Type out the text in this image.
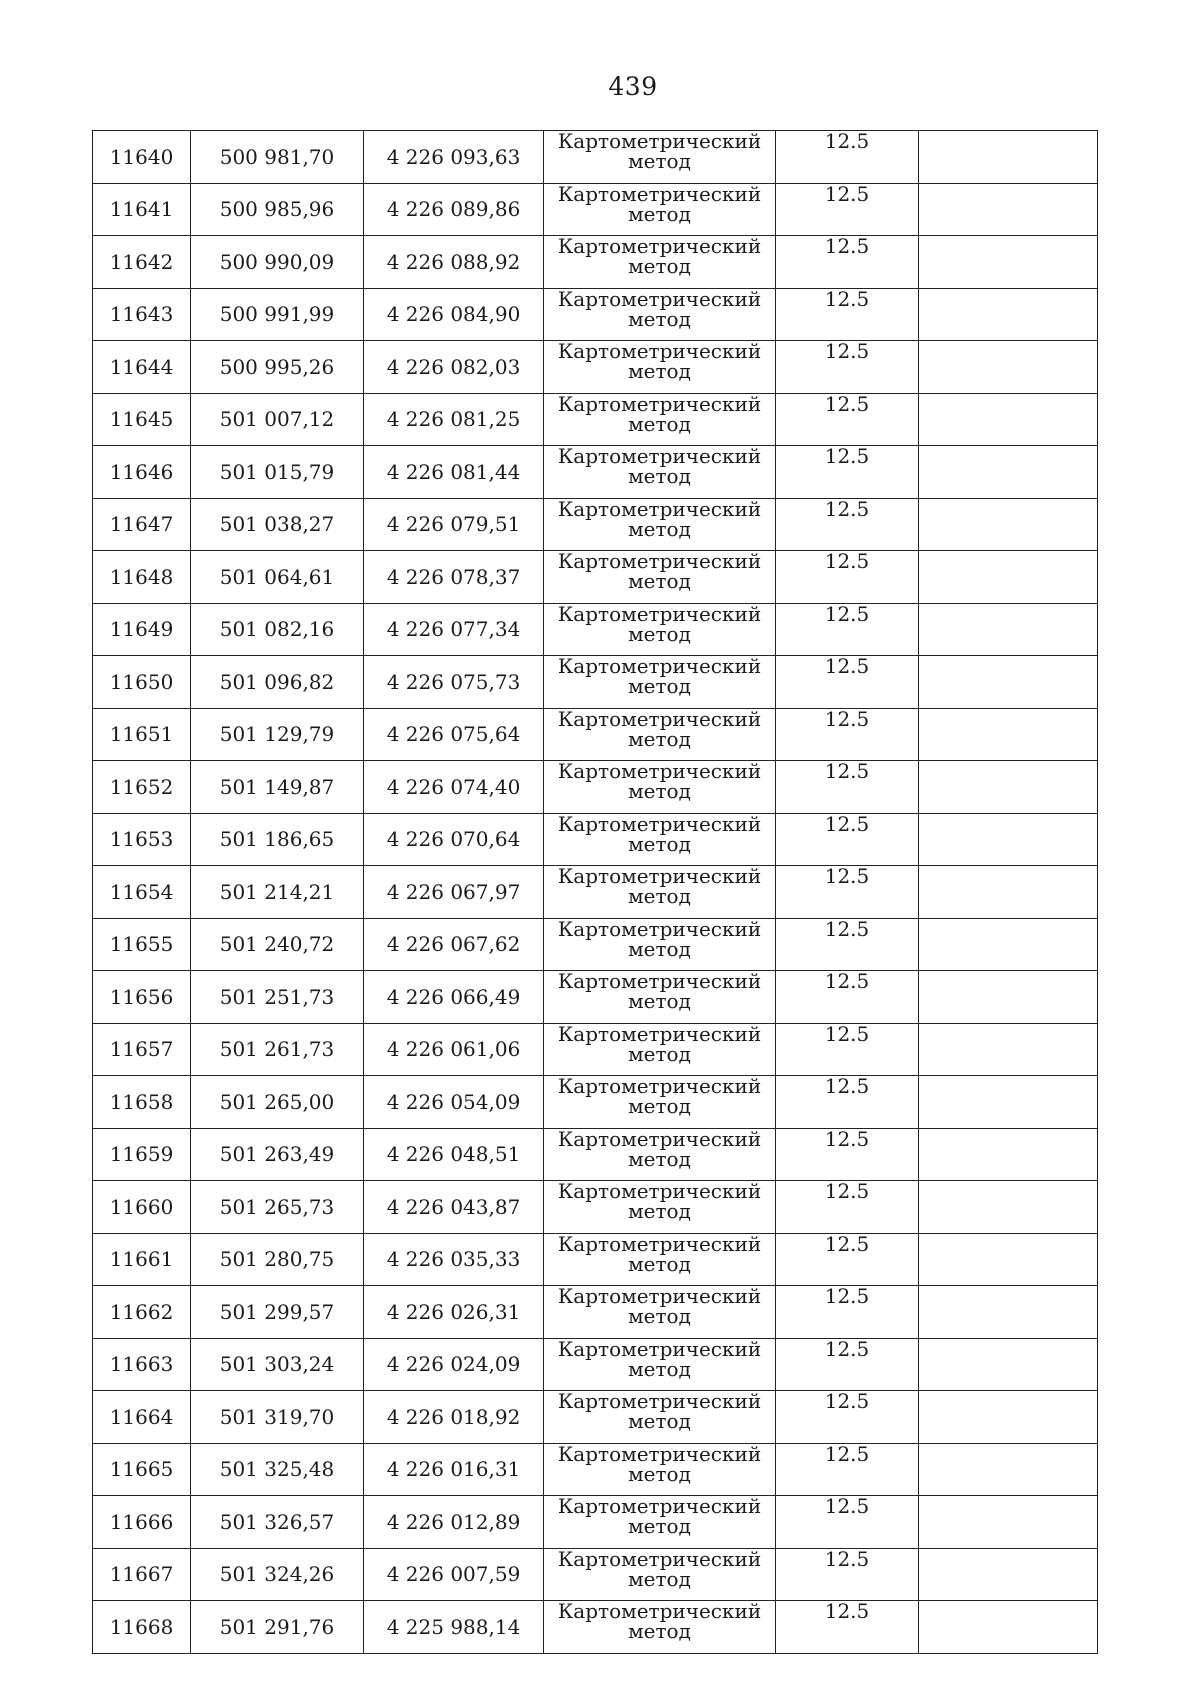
439
11640	500 981,70	4 226 093,63	Картометрический
метод	12.5	
11641	500 985,96	4 226 089,86	Картометрический
метод	12.5	
11642	500 990,09	4 226 088,92	Картометрический
метод	12.5	
11643	500 991,99	4 226 084,90	Картометрический
метод	12.5	
11644	500 995,26	4 226 082,03	Картометрический
метод	12.5	
11645	501 007,12	4 226 081,25	Картометрический
метод	12.5	
11646	501 015,79	4 226 081,44	Картометрический
метод	12.5	
11647	501 038,27	4 226 079,51	Картометрический
метод	12.5	
11648	501 064,61	4 226 078,37	Картометрический
метод	12.5	
11649	501 082,16	4 226 077,34	Картометрический
метод	12.5	
11650	501 096,82	4 226 075,73	Картометрический
метод	12.5	
11651	501 129,79	4 226 075,64	Картометрический
метод	12.5	
11652	501 149,87	4 226 074,40	Картометрический
метод	12.5	
11653	501 186,65	4 226 070,64	Картометрический
метод	12.5	
11654	501 214,21	4 226 067,97	Картометрический
метод	12.5	
11655	501 240,72	4 226 067,62	Картометрический
метод	12.5	
11656	501 251,73	4 226 066,49	Картометрический
метод	12.5	
11657	501 261,73	4 226 061,06	Картометрический
метод	12.5	
11658	501 265,00	4 226 054,09	Картометрический
метод	12.5	
11659	501 263,49	4 226 048,51	Картометрический
метод	12.5	
11660	501 265,73	4 226 043,87	Картометрический
метод	12.5	
11661	501 280,75	4 226 035,33	Картометрический
метод	12.5	
11662	501 299,57	4 226 026,31	Картометрический
метод	12.5	
11663	501 303,24	4 226 024,09	Картометрический
метод	12.5	
11664	501 319,70	4 226 018,92	Картометрический
метод	12.5	
11665	501 325,48	4 226 016,31	Картометрический
метод	12.5	
11666	501 326,57	4 226 012,89	Картометрический
метод	12.5	
11667	501 324,26	4 226 007,59	Картометрический
метод	12.5	
11668	501 291,76	4 225 988,14	Картометрический
метод	12.5	
